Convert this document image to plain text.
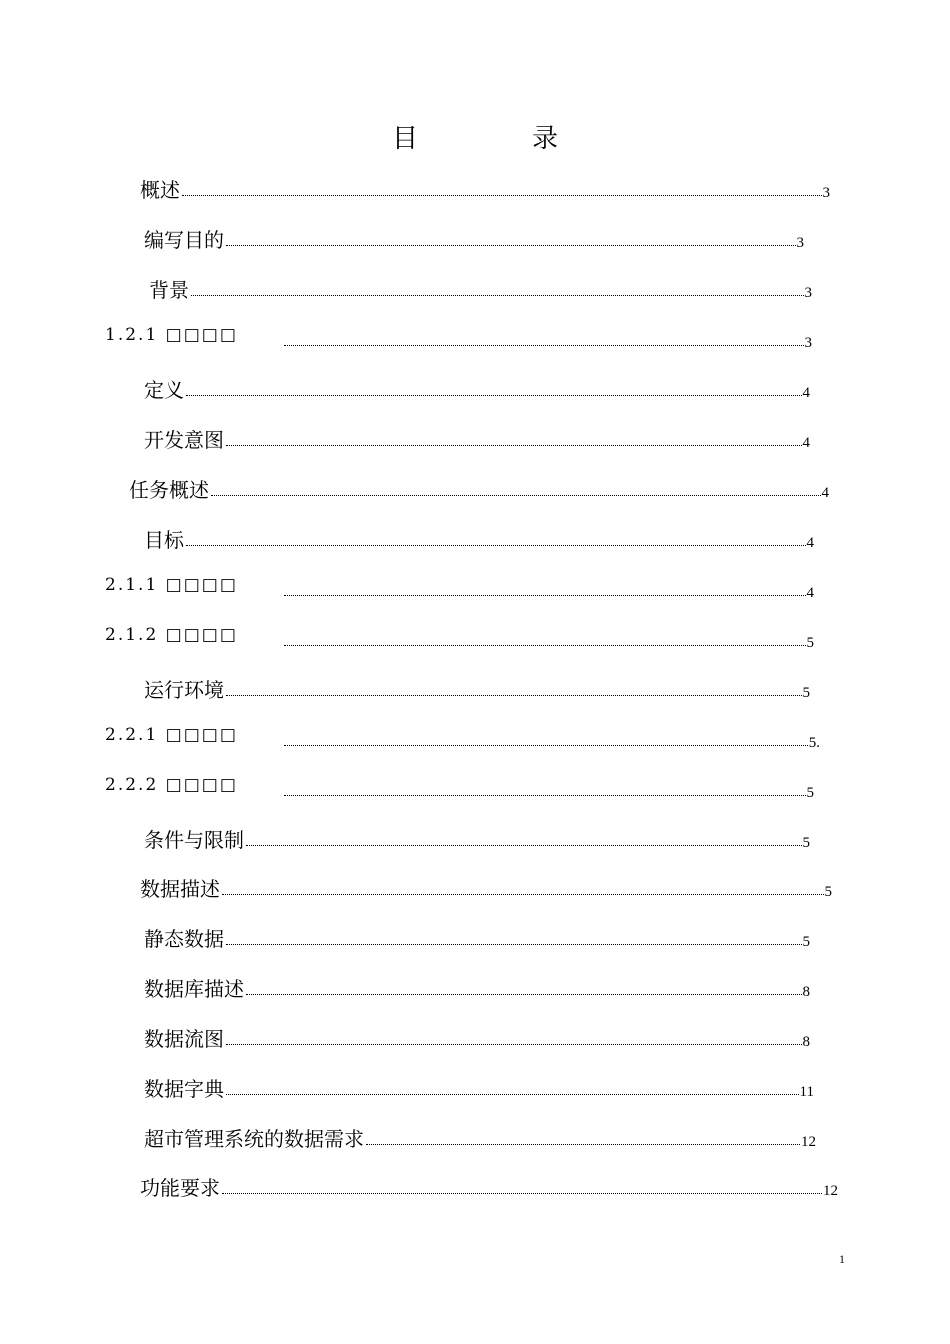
目　录
概述	3
编写目的	3
背景	3
1.2.1 □□□□	3
定义	4
开发意图	4
任务概述	4
目标	4
2.1.1 □□□□	4
2.1.2 □□□□	5
运行环境	5
2.2.1 □□□□	5.
2.2.2 □□□□	5
条件与限制	5
数据描述	5
静态数据	5
数据库描述	8
数据流图	8
数据字典	11
超市管理系统的数据需求	12
功能要求	12
1
